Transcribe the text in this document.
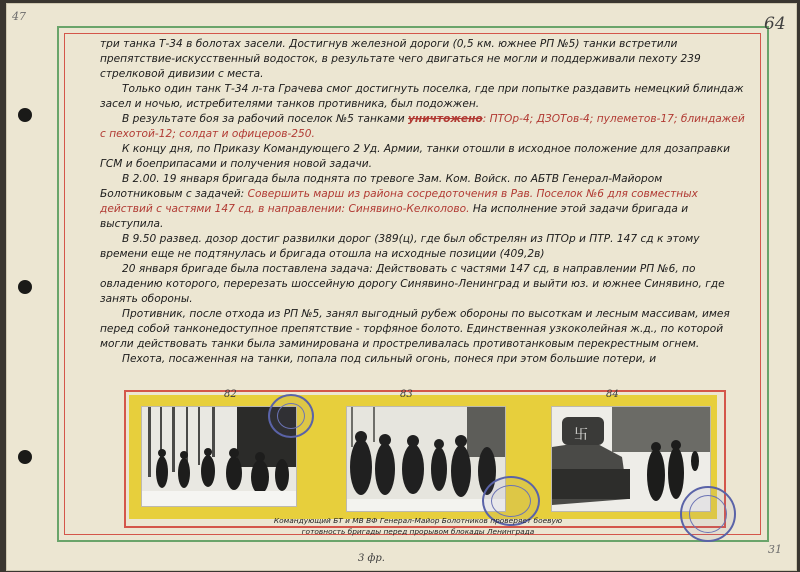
47	64
31

три танка Т-34 в болотах засели. Достигнув железной дороги (0,5 км. южнее РП №5) танки встретили препятствие-искусственный водосток, в результате чего двигаться не могли и поддерживали пехоту 239 стрелковой дивизии с места.

Только один танк Т-34 л-та Грачева смог достигнуть поселка, где при попытке раздавить немецкий блиндаж засел и ночью, истребителями танков противника, был подожжен.

В результате боя за рабочий поселок №5 танками уничтожено: ПТОр-4; ДЗОТов-4; пулеметов-17; блиндажей с пехотой-12; солдат и офицеров-250.

К концу дня, по Приказу Командующего 2 Уд. Армии, танки отошли в исходное положение для дозаправки ГСМ и боеприпасами и получения новой задачи.

В 2.00. 19 января бригада была поднята по тревоге Зам. Ком. Войск. по АБТВ Генерал-Майором Болотниковым с задачей: Совершить марш из района сосредоточения в Рав. Поселок №6 для совместных действий с частями 147 сд, в направлении: Синявино-Келколово. На исполнение этой задачи бригада и выступила.

В 9.50 развед. дозор достиг развилки дорог (389(ц), где был обстрелян из ПТОр и ПТР. 147 сд к этому времени еще не подтянулась и бригада отошла на исходные позиции (409,2в)

20 января бригаде была поставлена задача: Действовать с частями 147 сд, в направлении РП №6, по овладению которого, перерезать шоссейную дорогу Синявино-Ленинград и выйти юз. и южнее Синявино, где занять обороны.

Противник, после отхода из РП №5, занял выгодный рубеж обороны по высоткам и лесным массивам, имея перед собой танконедоступное препятствие - торфяное болото. Единственная узкоколейная ж.д., по которой могли действовать танки была заминирована и простреливалась противотанковым перекрестным огнем.

Пехота, посаженная на танки, попала под сильный огонь, понеся при этом большие потери, и

82	83	84
卐
Командующий БТ и МВ ВФ Генерал-Майор Болотников проверяет боевую готовность бригады перед прорывом блокады Ленинграда
3 фр.
